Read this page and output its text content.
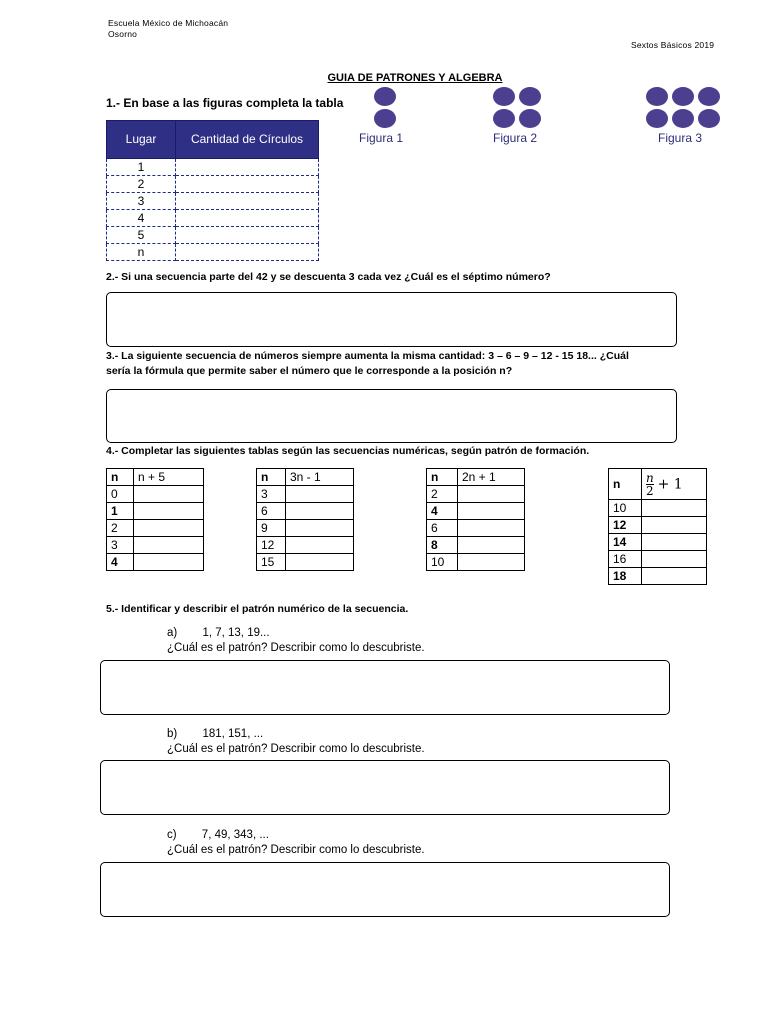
Escuela México de Michoacán
Osorno
Sextos Básicos 2019
GUIA DE PATRONES Y ALGEBRA
1.- En base a las figuras completa la tabla
Lugar	Cantidad de Círculos
1	
2	
3	
4	
5	
n	
Figura 1	Figura 2	Figura 3
2.- Si una secuencia parte del 42 y se descuenta 3 cada vez ¿Cuál es el séptimo número?
3.- La siguiente secuencia de números siempre aumenta la misma cantidad: 3 – 6 – 9 – 12 - 15 18... ¿Cuál
sería la fórmula que permite saber el número que le corresponde a la posición n?
4.- Completar las siguientes tablas según las secuencias numéricas, según patrón de formación.
n	n + 5
0	
1	
2	
3	
4	
n	3n - 1
3	
6	
9	
12	
15	
n	2n + 1
2	
4	
6	
8	
10	
n	$\frac{n}{2} + 1$
10	
12	
14	
16	
18	
5.- Identificar y describir el patrón numérico de la secuencia.
a) 1, 7, 13, 19...
¿Cuál es el patrón? Describir como lo descubriste.
b) 181, 151, ...
¿Cuál es el patrón? Describir como lo descubriste.
c) 7, 49, 343, ...
¿Cuál es el patrón? Describir como lo descubriste.
